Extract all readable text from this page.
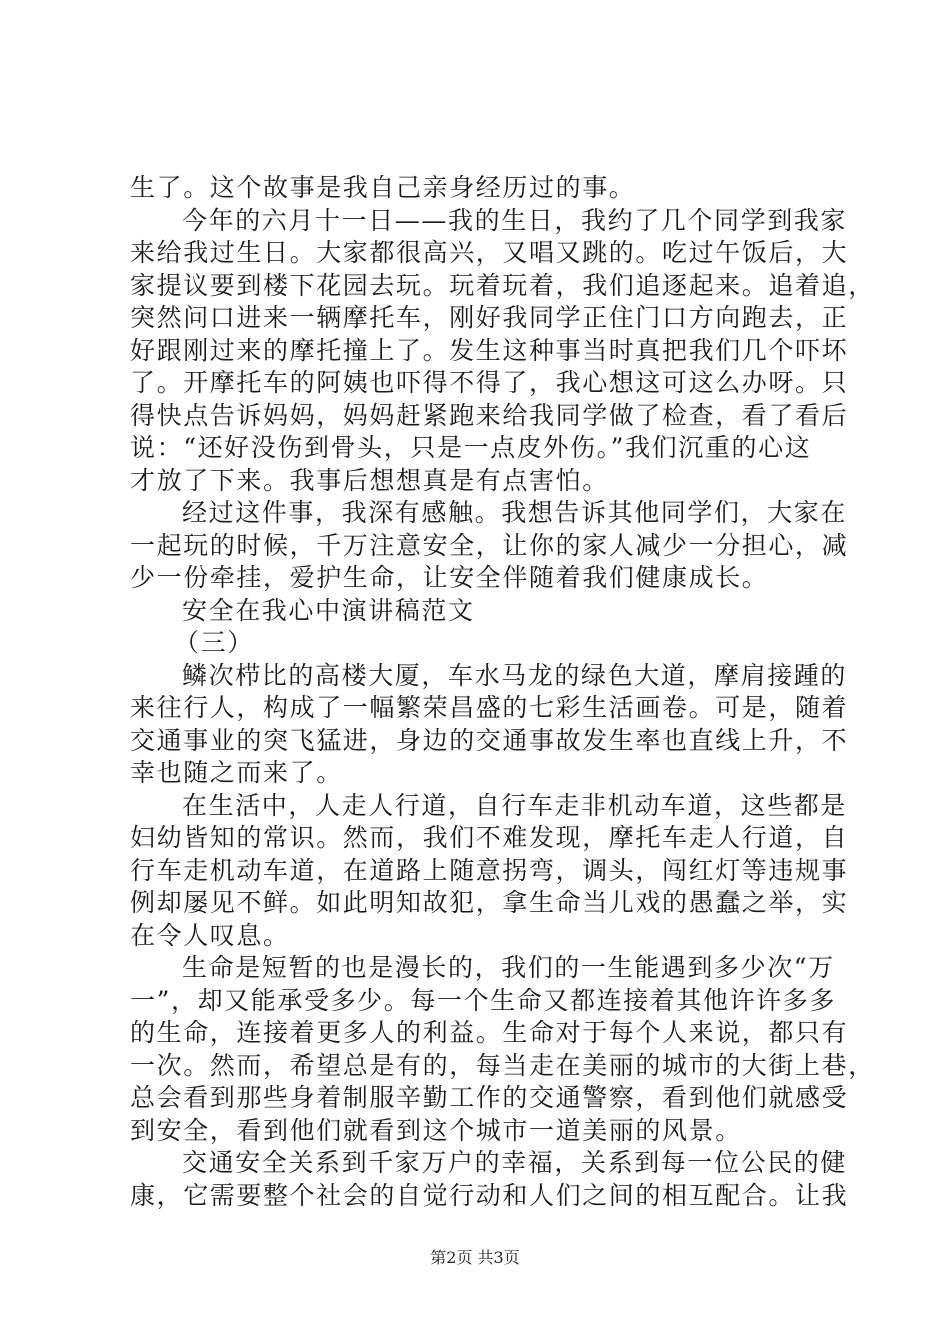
生了。这个故事是我自己亲身经历过的事。
今年的六月十一日——我的生日，我约了几个同学到我家
来给我过生日。大家都很高兴，又唱又跳的。吃过午饭后，大
家提议要到楼下花园去玩。玩着玩着，我们追逐起来。追着追，
突然问口进来一辆摩托车，刚好我同学正住门口方向跑去，正
好跟刚过来的摩托撞上了。发生这种事当时真把我们几个吓坏
了。开摩托车的阿姨也吓得不得了，我心想这可这么办呀。只
得快点告诉妈妈，妈妈赶紧跑来给我同学做了检查，看了看后
说：“还好没伤到骨头，只是一点皮外伤。”我们沉重的心这
才放了下来。我事后想想真是有点害怕。
经过这件事，我深有感触。我想告诉其他同学们，大家在
一起玩的时候，千万注意安全，让你的家人减少一分担心，减
少一份牵挂，爱护生命，让安全伴随着我们健康成长。
安全在我心中演讲稿范文
（三）
鳞次栉比的高楼大厦，车水马龙的绿色大道，摩肩接踵的
来往行人，构成了一幅繁荣昌盛的七彩生活画卷。可是，随着
交通事业的突飞猛进，身边的交通事故发生率也直线上升，不
幸也随之而来了。
在生活中，人走人行道，自行车走非机动车道，这些都是
妇幼皆知的常识。然而，我们不难发现，摩托车走人行道，自
行车走机动车道，在道路上随意拐弯，调头，闯红灯等违规事
例却屡见不鲜。如此明知故犯，拿生命当儿戏的愚蠢之举，实
在令人叹息。
生命是短暂的也是漫长的，我们的一生能遇到多少次“万
一”，却又能承受多少。每一个生命又都连接着其他许许多多
的生命，连接着更多人的利益。生命对于每个人来说，都只有
一次。然而，希望总是有的，每当走在美丽的城市的大街上巷，
总会看到那些身着制服辛勤工作的交通警察，看到他们就感受
到安全，看到他们就看到这个城市一道美丽的风景。
交通安全关系到千家万户的幸福，关系到每一位公民的健
康，它需要整个社会的自觉行动和人们之间的相互配合。让我
第2页 共3页
